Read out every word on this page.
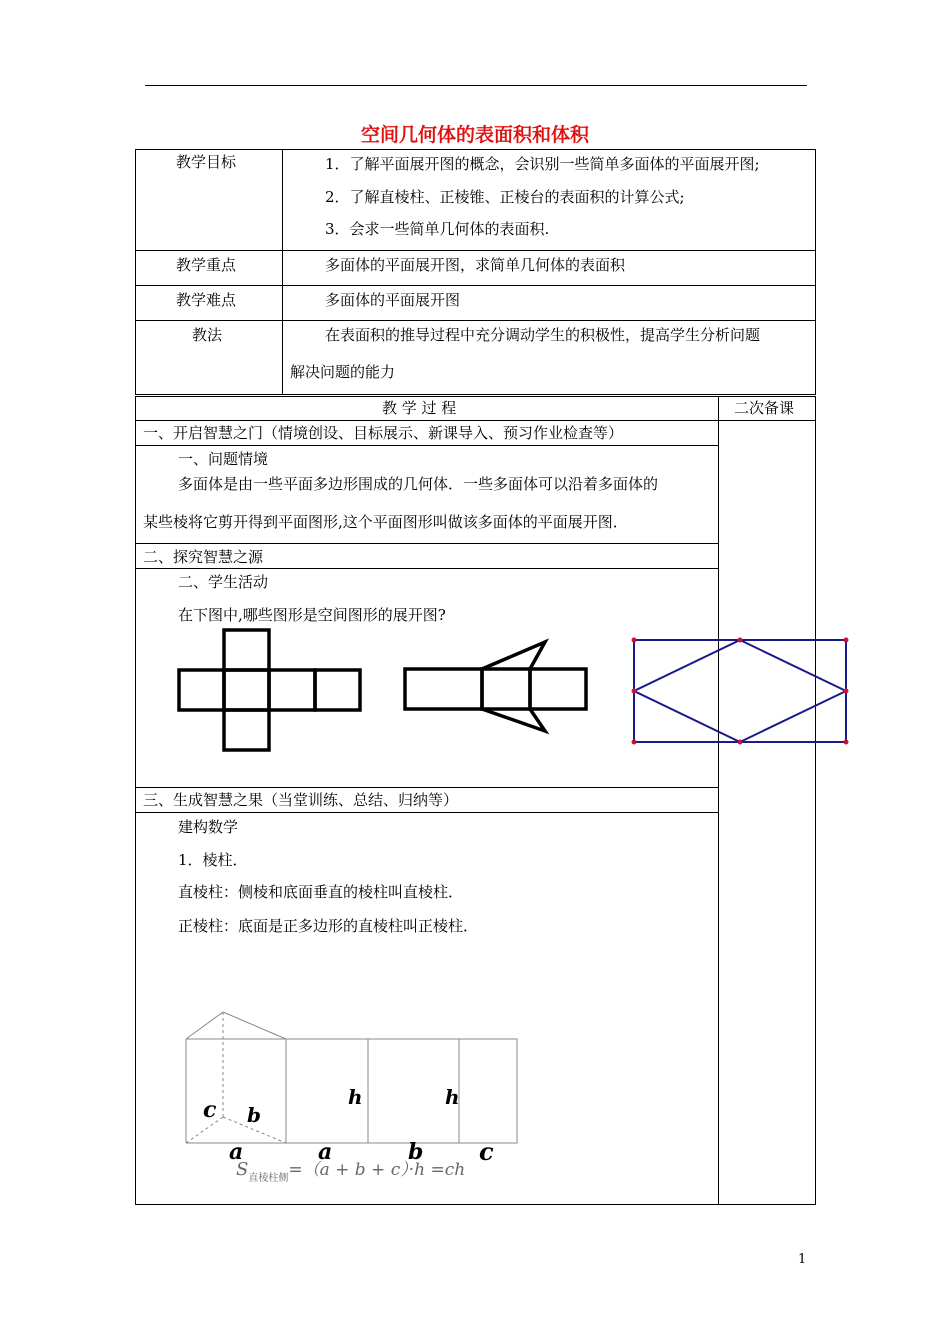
空间几何体的表面积和体积
教学目标	1．了解平面展开图的概念，会识别一些简单多面体的平面展开图;
2．了解直棱柱、正棱锥、正棱台的表面积的计算公式;
3．会求一些简单几何体的表面积.
教学重点	多面体的平面展开图，求简单几何体的表面积
教学难点	多面体的平面展开图
教法	在表面积的推导过程中充分调动学生的积极性，提高学生分析问题
解决问题的能力
教 学 过 程	二次备课
一、开启智慧之门（情境创设、目标展示、新课导入、预习作业检查等）
一、问题情境
多面体是由一些平面多边形围成的几何体．一些多面体可以沿着多面体的
某些棱将它剪开得到平面图形,这个平面图形叫做该多面体的平面展开图．
二、探究智慧之源
二、学生活动
在下图中,哪些图形是空间图形的展开图?
三、生成智慧之果（当堂训练、总结、归纳等）
建构数学
1．棱柱．
直棱柱：侧棱和底面垂直的棱柱叫直棱柱．
正棱柱：底面是正多边形的直棱柱叫正棱柱．
c b
a	a	b c
h	h
$S_{直棱柱侧}=(a + b + c)\cdot h =ch$
1
